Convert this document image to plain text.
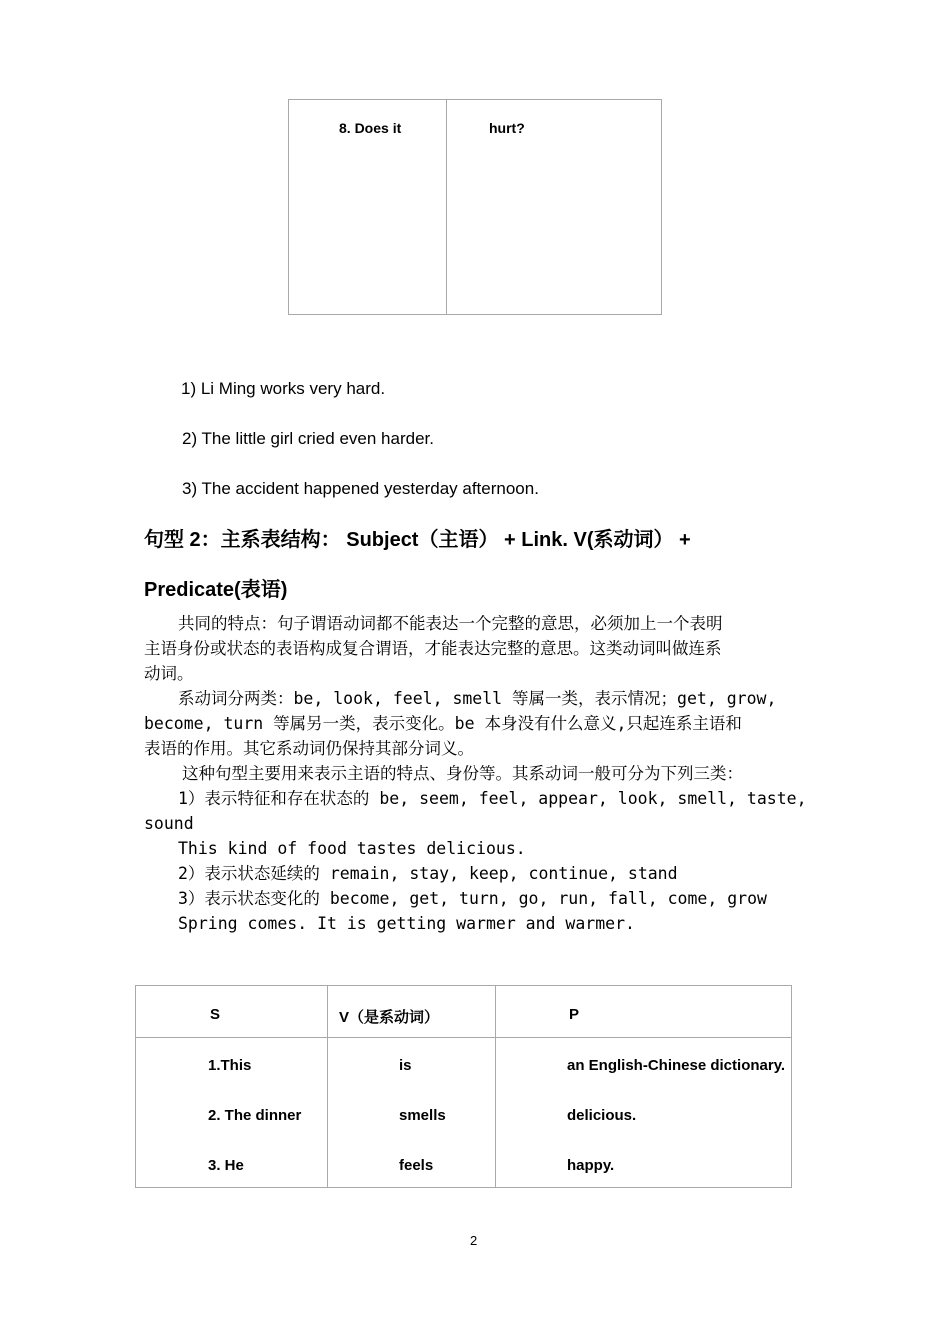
8. Does it	hurt?
1) Li Ming works very hard.
2) The little girl cried even harder.
3) The accident happened yesterday afternoon.
句型 2：主系表结构： Subject（主语） + Link. V(系动词） +
Predicate(表语)
共同的特点：句子谓语动词都不能表达一个完整的意思，必须加上一个表明
主语身份或状态的表语构成复合谓语，才能表达完整的意思。这类动词叫做连系
动词。
系动词分两类：be, look, feel, smell 等属一类，表示情况；get, grow,
become, turn 等属另一类，表示变化。be 本身没有什么意义,只起连系主语和
表语的作用。其它系动词仍保持其部分词义。
这种句型主要用来表示主语的特点、身份等。其系动词一般可分为下列三类：
1）表示特征和存在状态的 be, seem, feel, appear, look, smell, taste,
sound
This kind of food tastes delicious.
2）表示状态延续的 remain, stay, keep, continue, stand
3）表示状态变化的 become, get, turn, go, run, fall, come, grow
Spring comes. It is getting warmer and warmer.
S	V（是系动词）	P
1.This	is	an English-Chinese dictionary.
2. The dinner	smells	delicious.
3. He	feels	happy.
2
